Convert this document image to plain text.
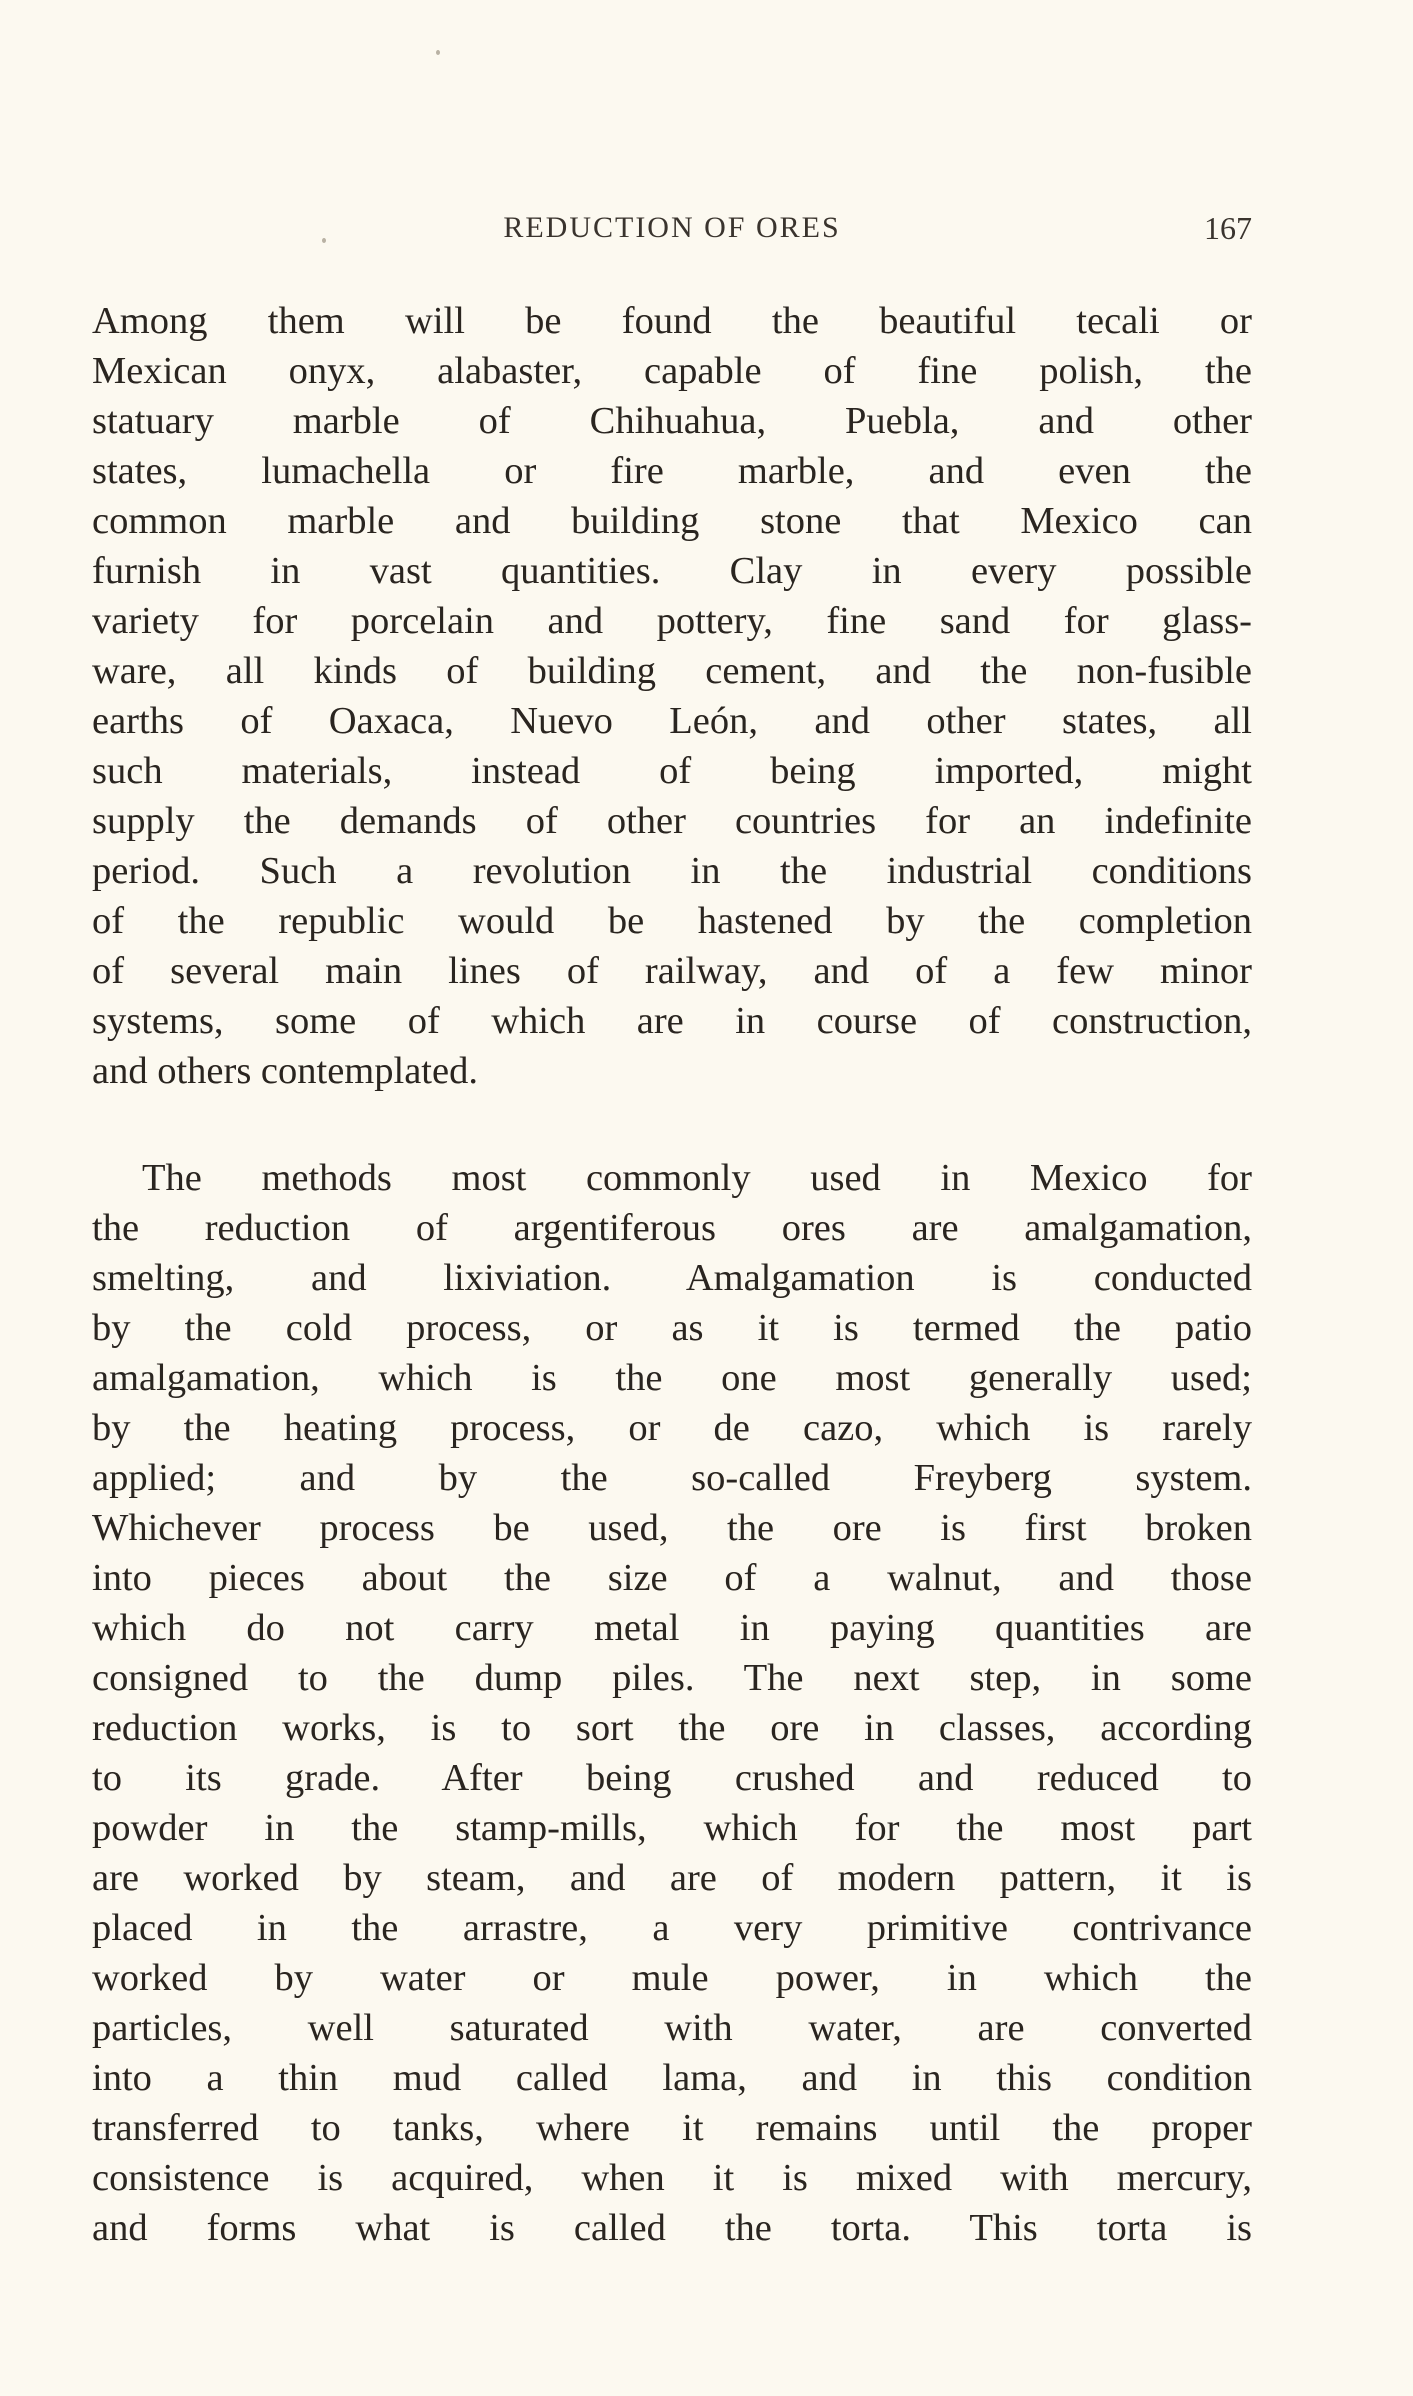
REDUCTION OF ORES	167
Among them will be found the beautiful tecali or
Mexican onyx, alabaster, capable of fine polish, the
statuary marble of Chihuahua, Puebla, and other
states, lumachella or fire marble, and even the
common marble and building stone that Mexico can
furnish in vast quantities. Clay in every possible
variety for porcelain and pottery, fine sand for glass-
ware, all kinds of building cement, and the non-fusible
earths of Oaxaca, Nuevo León, and other states, all
such materials, instead of being imported, might
supply the demands of other countries for an indefinite
period. Such a revolution in the industrial conditions
of the republic would be hastened by the completion
of several main lines of railway, and of a few minor
systems, some of which are in course of construction,
and others contemplated.
The methods most commonly used in Mexico for
the reduction of argentiferous ores are amalgamation,
smelting, and lixiviation. Amalgamation is conducted
by the cold process, or as it is termed the patio
amalgamation, which is the one most generally used;
by the heating process, or de cazo, which is rarely
applied; and by the so-called Freyberg system.
Whichever process be used, the ore is first broken
into pieces about the size of a walnut, and those
which do not carry metal in paying quantities are
consigned to the dump piles. The next step, in some
reduction works, is to sort the ore in classes, according
to its grade. After being crushed and reduced to
powder in the stamp-mills, which for the most part
are worked by steam, and are of modern pattern, it is
placed in the arrastre, a very primitive contrivance
worked by water or mule power, in which the
particles, well saturated with water, are converted
into a thin mud called lama, and in this condition
transferred to tanks, where it remains until the proper
consistence is acquired, when it is mixed with mercury,
and forms what is called the torta. This torta is
